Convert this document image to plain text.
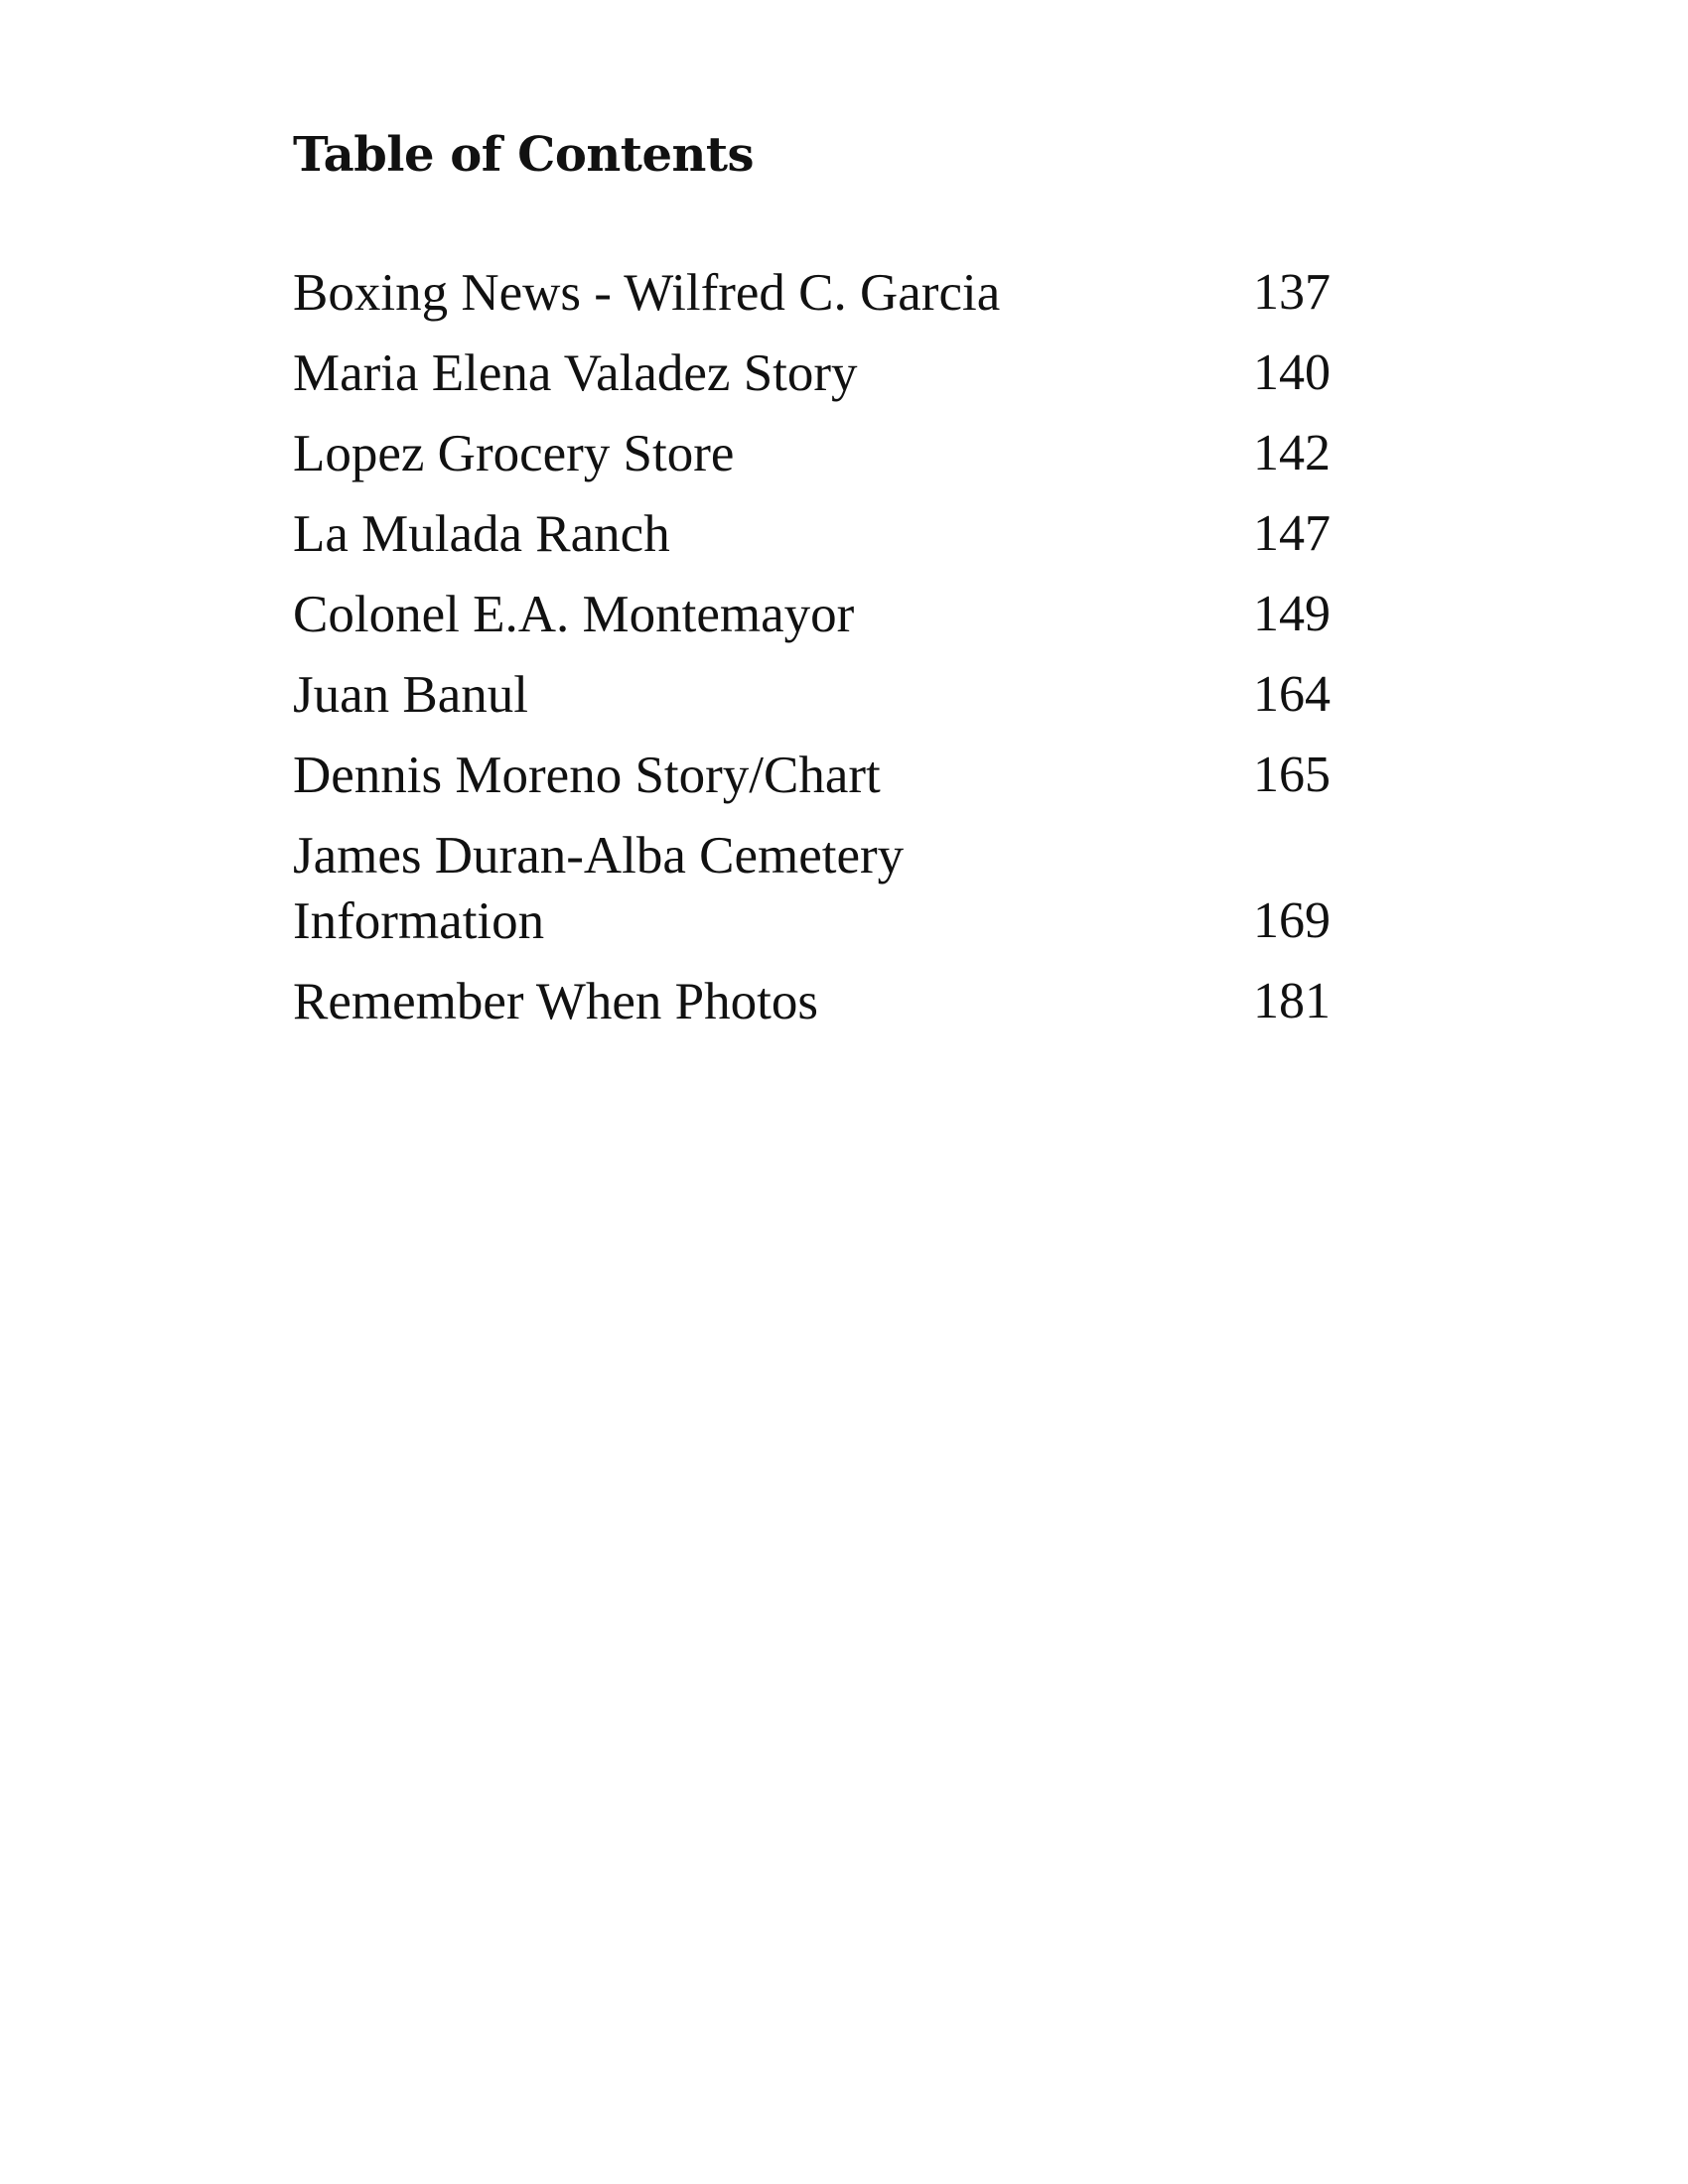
Table of Contents
Boxing News - Wilfred C. Garcia	137
Maria Elena Valadez Story	140
Lopez Grocery Store	142
La Mulada Ranch	147
Colonel E.A. Montemayor	149
Juan Banul	164
Dennis Moreno Story/Chart	165
James Duran-Alba Cemetery Information	169
Remember When Photos	181
